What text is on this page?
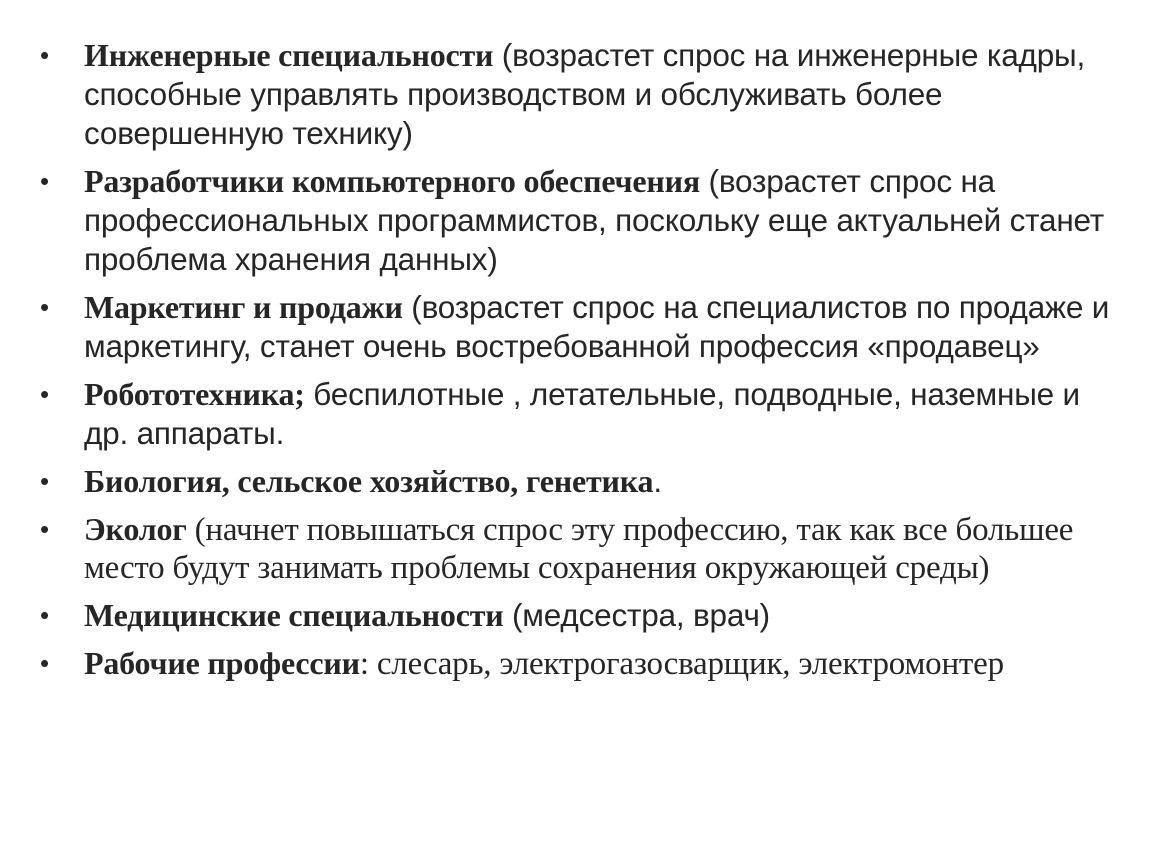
• Инженерные специальности (возрастет спрос на инженерные кадры, способные управлять производством и обслуживать более совершенную технику)
• Разработчики компьютерного обеспечения (возрастет спрос на профессиональных программистов, поскольку еще актуальней станет проблема хранения данных)
• Маркетинг и продажи (возрастет спрос на специалистов по продаже и маркетингу, станет очень востребованной профессия «продавец»
• Робототехника; беспилотные , летательные, подводные, наземные и др. аппараты.
• Биология, сельское хозяйство, генетика.
• Эколог (начнет повышаться спрос эту профессию, так как все большее место будут занимать проблемы сохранения окружающей среды)
• Медицинские специальности (медсестра, врач)
• Рабочие профессии: слесарь, электрогазосварщик, электромонтер
